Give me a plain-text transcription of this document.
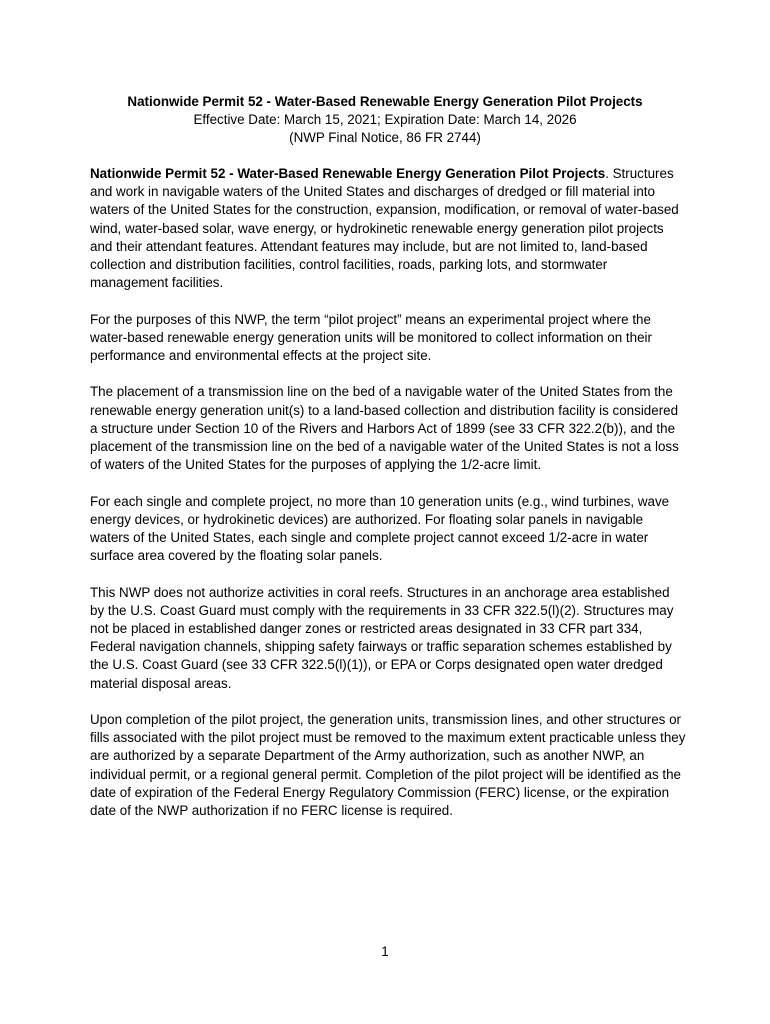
Nationwide Permit 52 - Water-Based Renewable Energy Generation Pilot Projects
Effective Date: March 15, 2021; Expiration Date: March 14, 2026
(NWP Final Notice, 86 FR 2744)

Nationwide Permit 52 - Water-Based Renewable Energy Generation Pilot Projects. Structures and work in navigable waters of the United States and discharges of dredged or fill material into waters of the United States for the construction, expansion, modification, or removal of water-based wind, water-based solar, wave energy, or hydrokinetic renewable energy generation pilot projects and their attendant features. Attendant features may include, but are not limited to, land-based collection and distribution facilities, control facilities, roads, parking lots, and stormwater management facilities.

For the purposes of this NWP, the term “pilot project” means an experimental project where the water-based renewable energy generation units will be monitored to collect information on their performance and environmental effects at the project site.

The placement of a transmission line on the bed of a navigable water of the United States from the renewable energy generation unit(s) to a land-based collection and distribution facility is considered a structure under Section 10 of the Rivers and Harbors Act of 1899 (see 33 CFR 322.2(b)), and the placement of the transmission line on the bed of a navigable water of the United States is not a loss of waters of the United States for the purposes of applying the 1/2-acre limit.

For each single and complete project, no more than 10 generation units (e.g., wind turbines, wave energy devices, or hydrokinetic devices) are authorized. For floating solar panels in navigable waters of the United States, each single and complete project cannot exceed 1/2-acre in water surface area covered by the floating solar panels.

This NWP does not authorize activities in coral reefs. Structures in an anchorage area established by the U.S. Coast Guard must comply with the requirements in 33 CFR 322.5(l)(2). Structures may not be placed in established danger zones or restricted areas designated in 33 CFR part 334, Federal navigation channels, shipping safety fairways or traffic separation schemes established by the U.S. Coast Guard (see 33 CFR 322.5(l)(1)), or EPA or Corps designated open water dredged material disposal areas.

Upon completion of the pilot project, the generation units, transmission lines, and other structures or fills associated with the pilot project must be removed to the maximum extent practicable unless they are authorized by a separate Department of the Army authorization, such as another NWP, an individual permit, or a regional general permit. Completion of the pilot project will be identified as the date of expiration of the Federal Energy Regulatory Commission (FERC) license, or the expiration date of the NWP authorization if no FERC license is required.

1
